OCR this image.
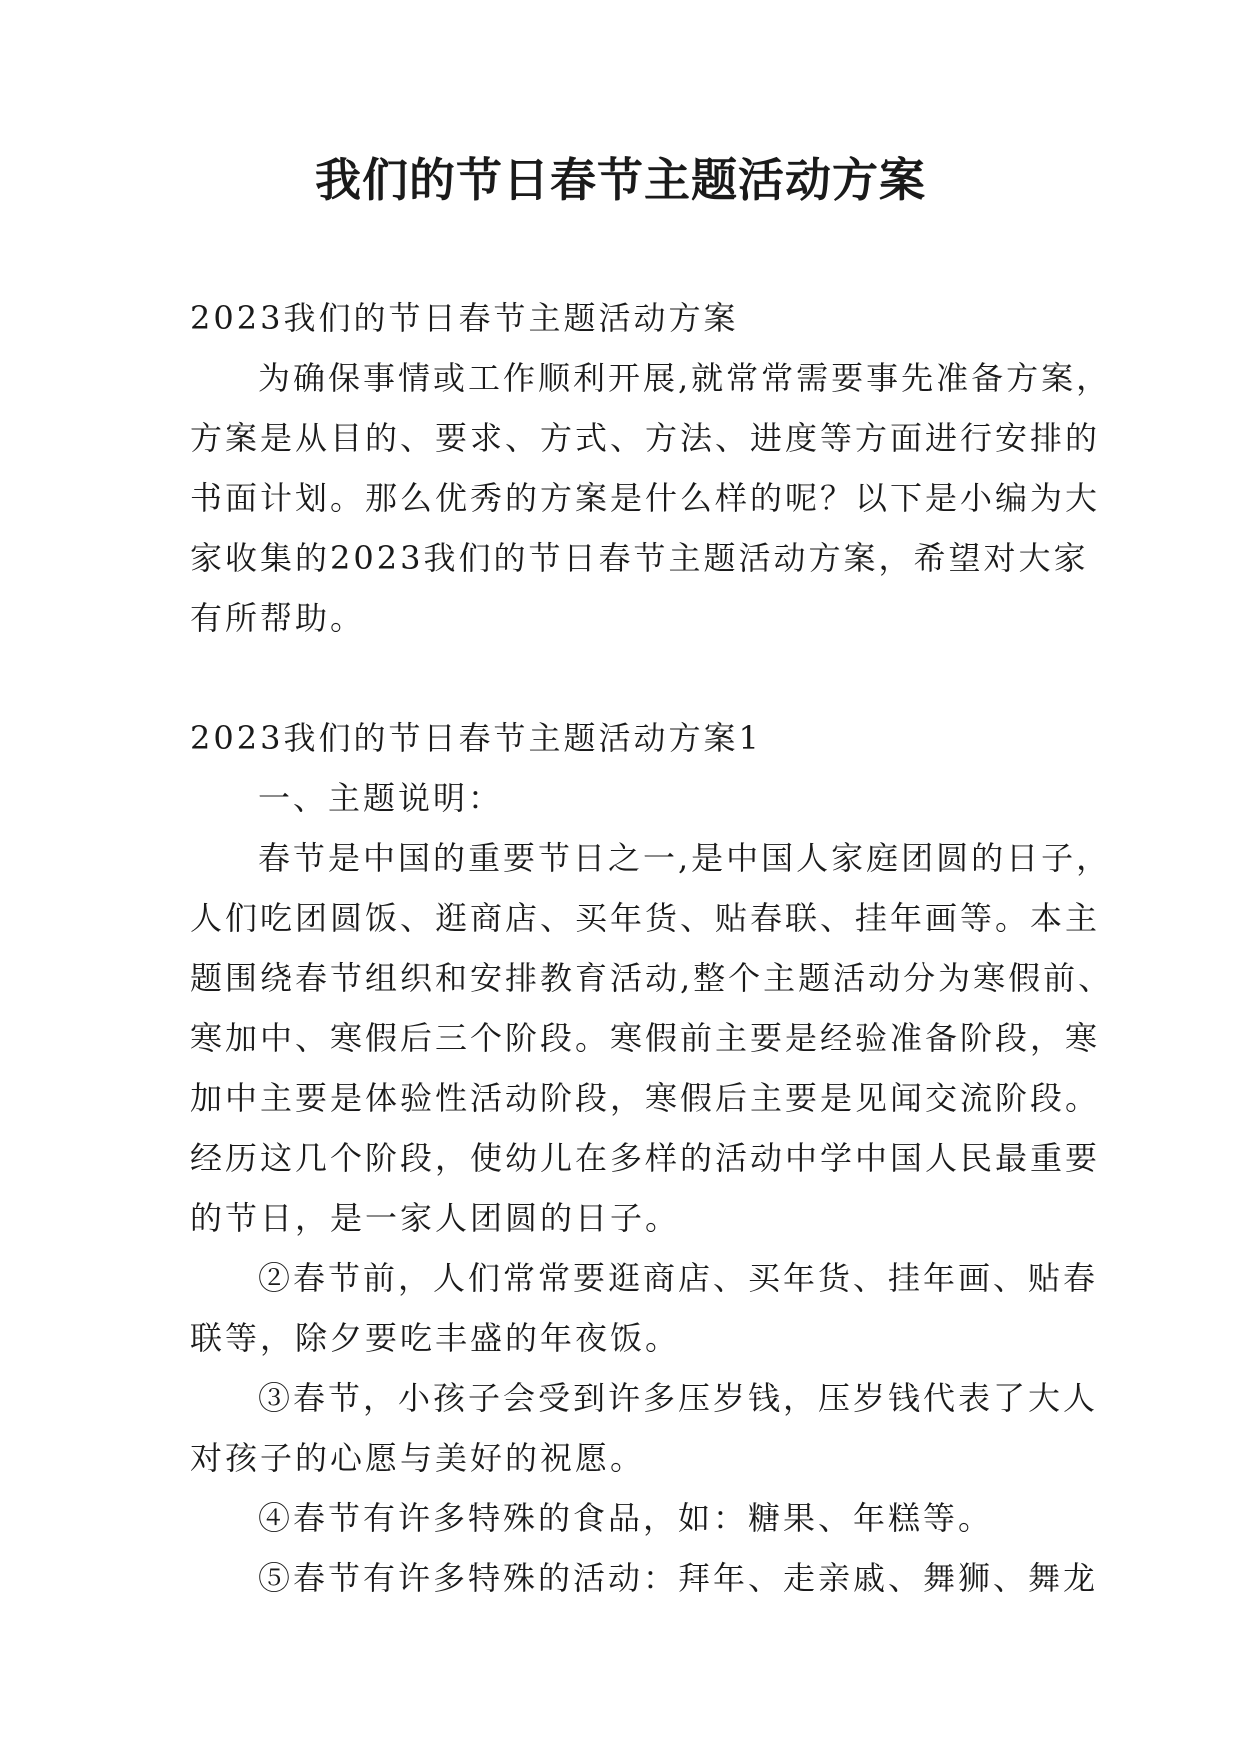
我们的节日春节主题活动方案
2023我们的节日春节主题活动方案
为确保事情或工作顺利开展,就常常需要事先准备方案，
方案是从目的、要求、方式、方法、进度等方面进行安排的
书面计划。那么优秀的方案是什么样的呢？以下是小编为大
家收集的2023我们的节日春节主题活动方案，希望对大家
有所帮助。
2023我们的节日春节主题活动方案1
一、主题说明：
春节是中国的重要节日之一,是中国人家庭团圆的日子，
人们吃团圆饭、逛商店、买年货、贴春联、挂年画等。本主
题围绕春节组织和安排教育活动,整个主题活动分为寒假前、
寒加中、寒假后三个阶段。寒假前主要是经验准备阶段，寒
加中主要是体验性活动阶段，寒假后主要是见闻交流阶段。
经历这几个阶段，使幼儿在多样的活动中学中国人民最重要
的节日，是一家人团圆的日子。
②春节前，人们常常要逛商店、买年货、挂年画、贴春
联等，除夕要吃丰盛的年夜饭。
③春节，小孩子会受到许多压岁钱，压岁钱代表了大人
对孩子的心愿与美好的祝愿。
④春节有许多特殊的食品，如：糖果、年糕等。
⑤春节有许多特殊的活动：拜年、走亲戚、舞狮、舞龙
